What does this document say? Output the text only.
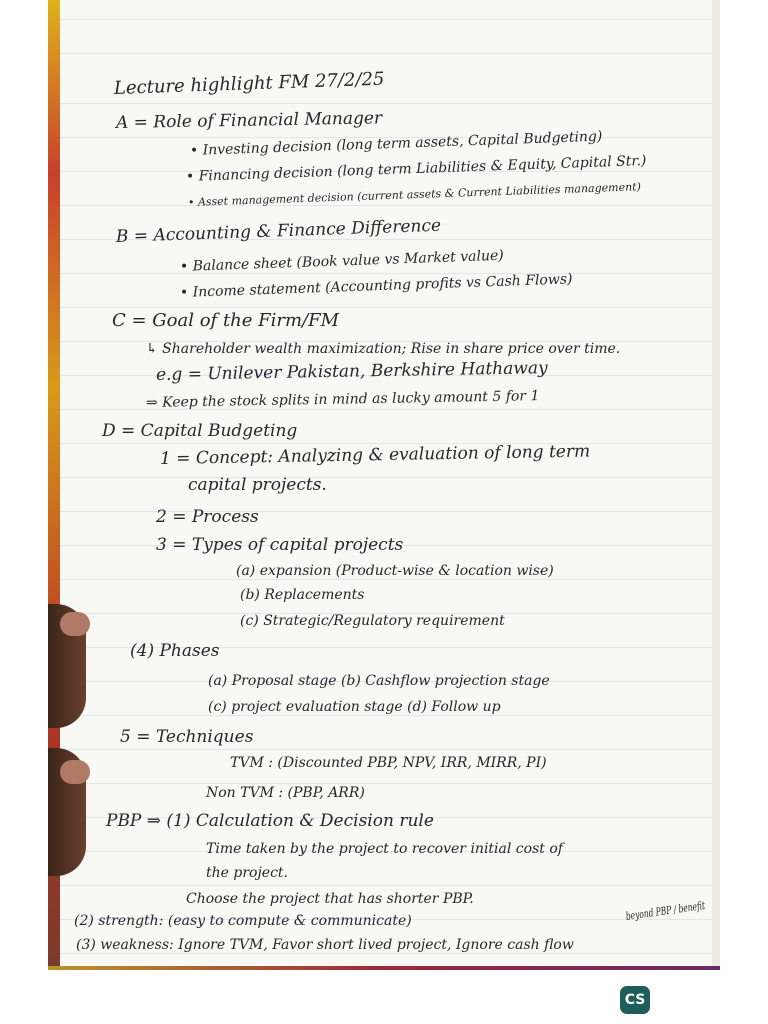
Lecture highlight FM 27/2/25
A = Role of Financial Manager
• Investing decision (long term assets, Capital Budgeting)
• Financing decision (long term Liabilities & Equity, Capital Str.)
• Asset management decision (current assets & Current Liabilities management)
B = Accounting & Finance Difference
• Balance sheet (Book value vs Market value)
• Income statement (Accounting profits vs Cash Flows)
C = Goal of the Firm/FM
↳ Shareholder wealth maximization; Rise in share price over time.
e.g = Unilever Pakistan, Berkshire Hathaway
⇒ Keep the stock splits in mind as lucky amount 5 for 1
D = Capital Budgeting
1 = Concept: Analyzing & evaluation of long term
capital projects.
2 = Process
3 = Types of capital projects
(a) expansion (Product-wise & location wise)
(b) Replacements
(c) Strategic/Regulatory requirement
(4) Phases
(a) Proposal stage (b) Cashflow projection stage
(c) project evaluation stage (d) Follow up
5 = Techniques
TVM : (Discounted PBP, NPV, IRR, MIRR, PI)
Non TVM : (PBP, ARR)
PBP ⇒ (1) Calculation & Decision rule
Time taken by the project to recover initial cost of
the project.
Choose the project that has shorter PBP.
(2) strength: (easy to compute & communicate)
(3) weakness: Ignore TVM, Favor short lived project, Ignore cash flow
beyond PBP / benefit
CS
